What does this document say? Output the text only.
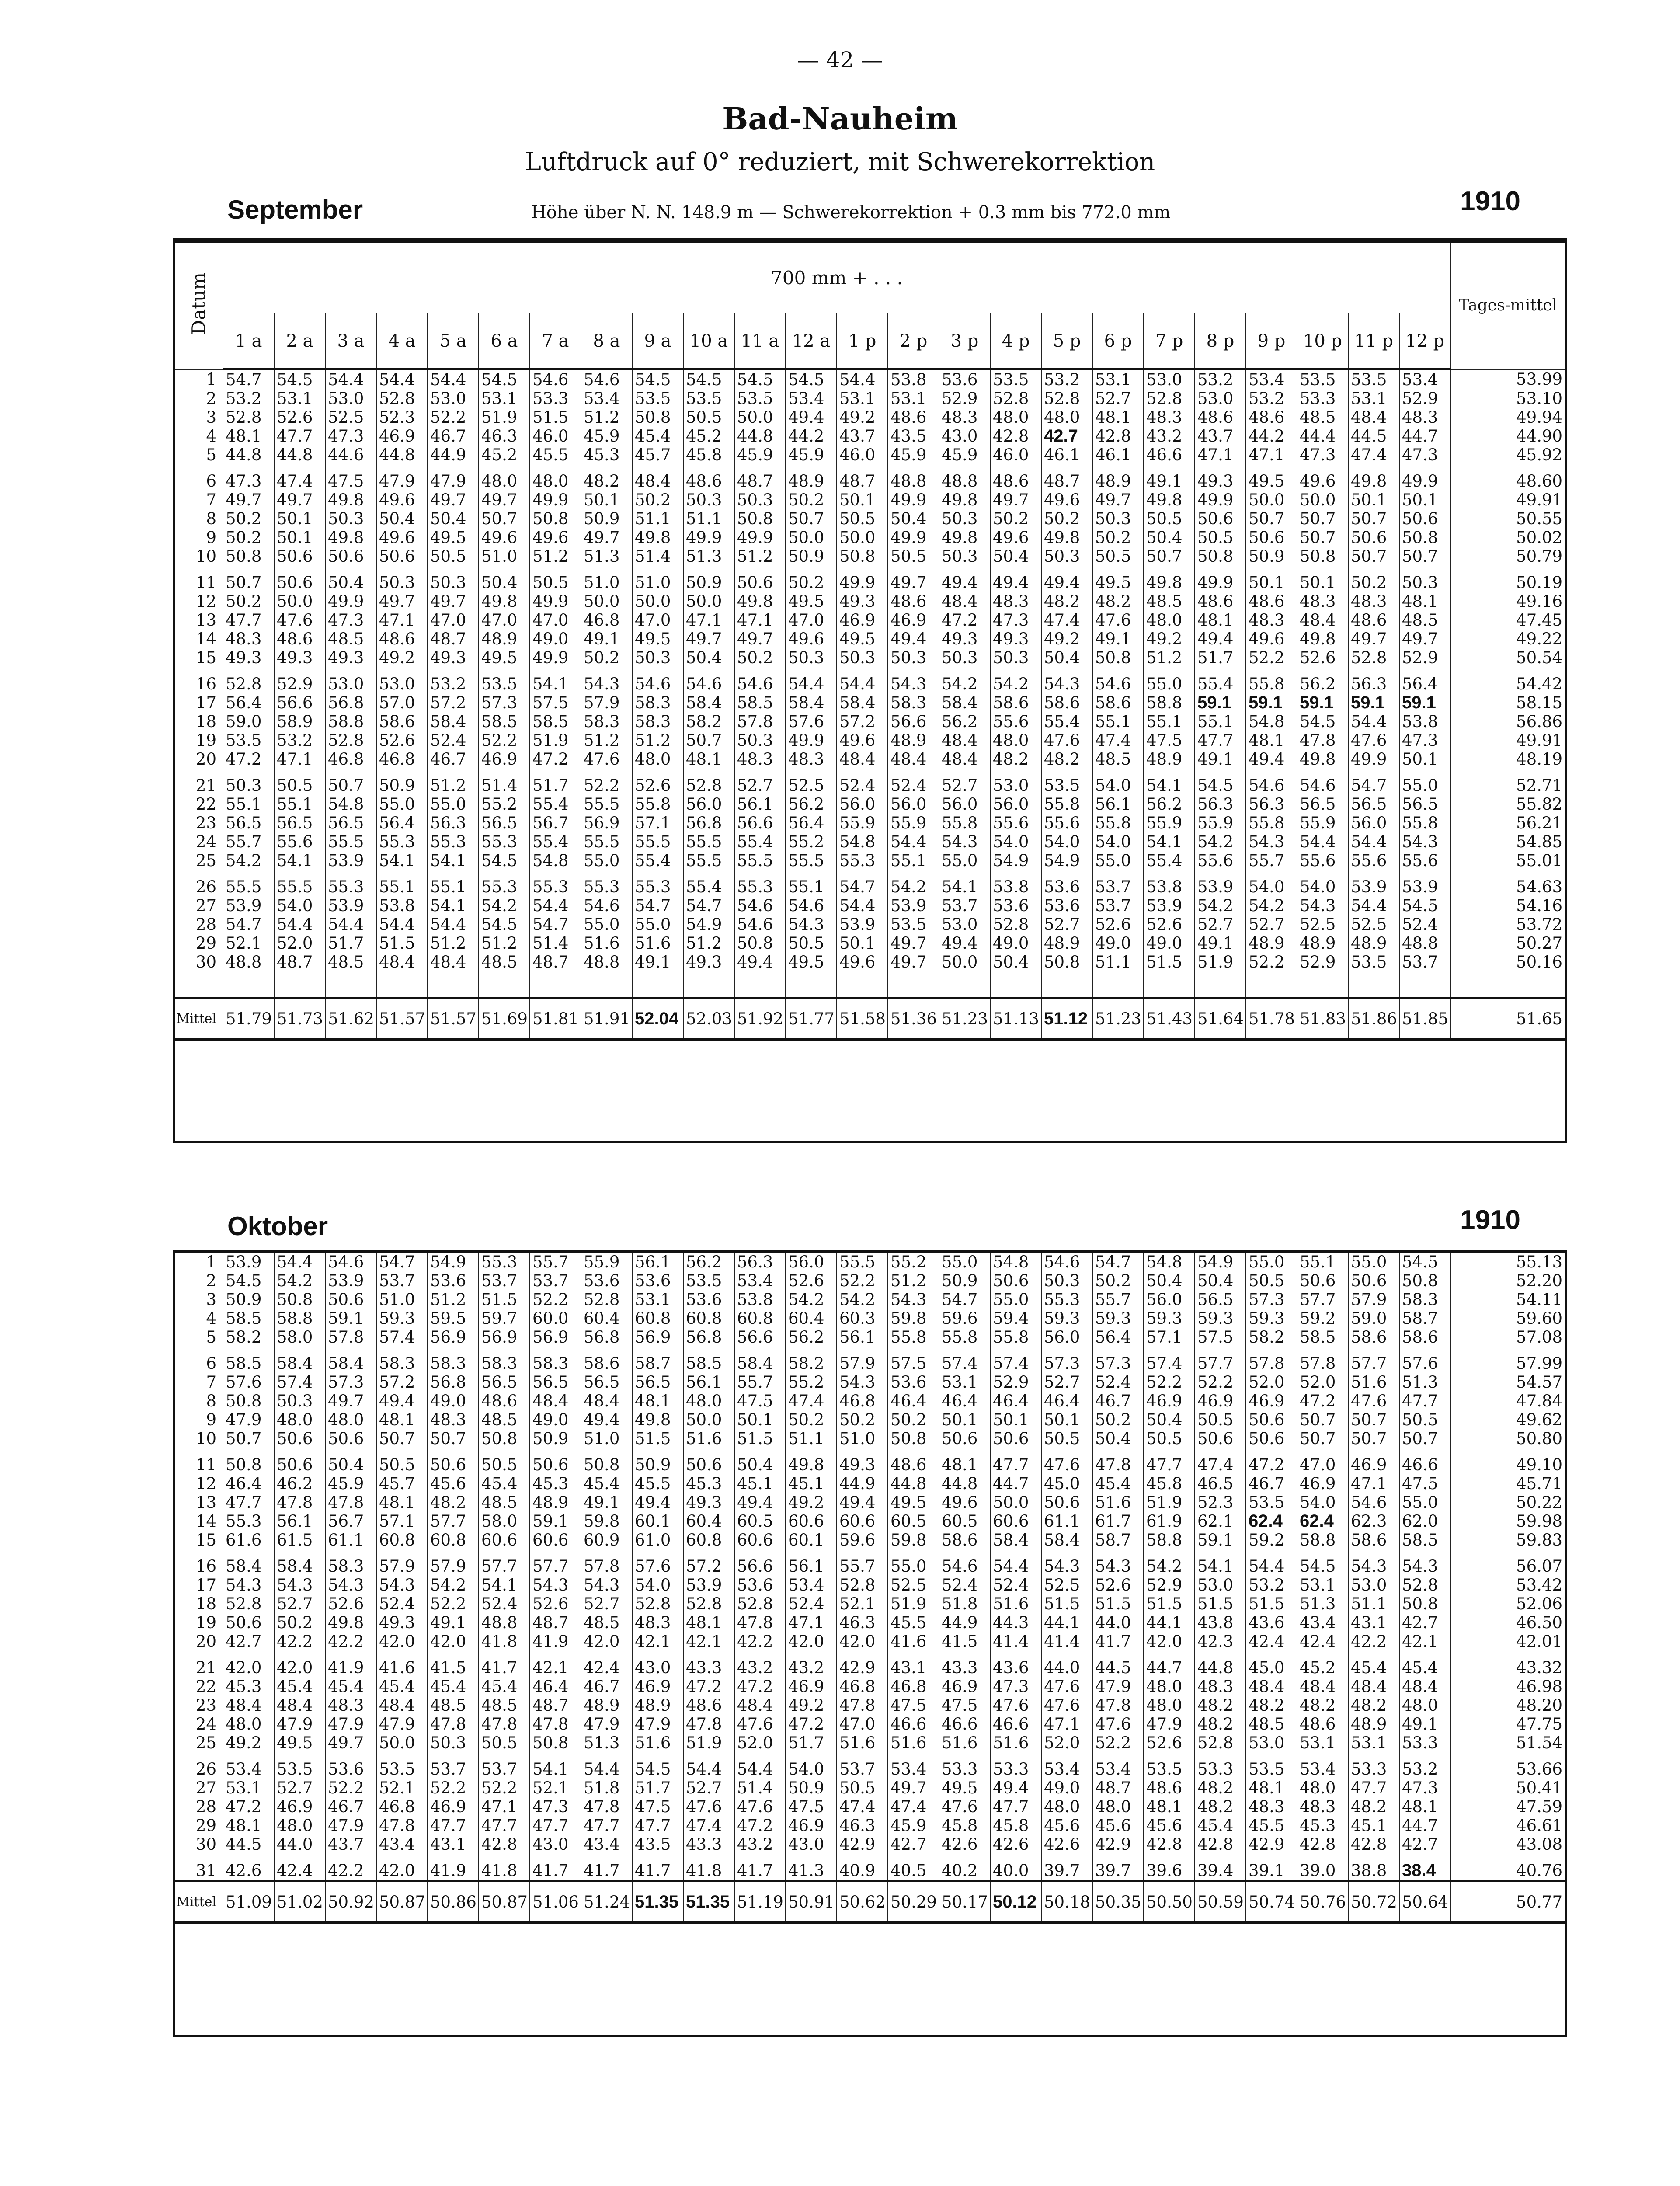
— 42 —
Bad-Nauheim
Luftdruck auf 0° reduziert, mit Schwerekorrektion
September	Höhe über N. N. 148.9 m — Schwerekorrektion + 0.3 mm bis 772.0 mm	1910
Datum	700 mm + . . .																								Tages-mittel
	1 a	2 a	3 a	4 a	5 a	6 a	7 a	8 a	9 a	10 a	11 a	12 a	1 p	2 p	3 p	4 p	5 p	6 p	7 p	8 p	9 p	10 p	11 p	12 p	
1	54.7	54.5	54.4	54.4	54.4	54.5	54.6	54.6	54.5	54.5	54.5	54.5	54.4	53.8	53.6	53.5	53.2	53.1	53.0	53.2	53.4	53.5	53.5	53.4	53.99
2	53.2	53.1	53.0	52.8	53.0	53.1	53.3	53.4	53.5	53.5	53.5	53.4	53.1	53.1	52.9	52.8	52.8	52.7	52.8	53.0	53.2	53.3	53.1	52.9	53.10
3	52.8	52.6	52.5	52.3	52.2	51.9	51.5	51.2	50.8	50.5	50.0	49.4	49.2	48.6	48.3	48.0	48.0	48.1	48.3	48.6	48.6	48.5	48.4	48.3	49.94
4	48.1	47.7	47.3	46.9	46.7	46.3	46.0	45.9	45.4	45.2	44.8	44.2	43.7	43.5	43.0	42.8	42.7	42.8	43.2	43.7	44.2	44.4	44.5	44.7	44.90
5	44.8	44.8	44.6	44.8	44.9	45.2	45.5	45.3	45.7	45.8	45.9	45.9	46.0	45.9	45.9	46.0	46.1	46.1	46.6	47.1	47.1	47.3	47.4	47.3	45.92
6	47.3	47.4	47.5	47.9	47.9	48.0	48.0	48.2	48.4	48.6	48.7	48.9	48.7	48.8	48.8	48.6	48.7	48.9	49.1	49.3	49.5	49.6	49.8	49.9	48.60
7	49.7	49.7	49.8	49.6	49.7	49.7	49.9	50.1	50.2	50.3	50.3	50.2	50.1	49.9	49.8	49.7	49.6	49.7	49.8	49.9	50.0	50.0	50.1	50.1	49.91
8	50.2	50.1	50.3	50.4	50.4	50.7	50.8	50.9	51.1	51.1	50.8	50.7	50.5	50.4	50.3	50.2	50.2	50.3	50.5	50.6	50.7	50.7	50.7	50.6	50.55
9	50.2	50.1	49.8	49.6	49.5	49.6	49.6	49.7	49.8	49.9	49.9	50.0	50.0	49.9	49.8	49.6	49.8	50.2	50.4	50.5	50.6	50.7	50.6	50.8	50.02
10	50.8	50.6	50.6	50.6	50.5	51.0	51.2	51.3	51.4	51.3	51.2	50.9	50.8	50.5	50.3	50.4	50.3	50.5	50.7	50.8	50.9	50.8	50.7	50.7	50.79
11	50.7	50.6	50.4	50.3	50.3	50.4	50.5	51.0	51.0	50.9	50.6	50.2	49.9	49.7	49.4	49.4	49.4	49.5	49.8	49.9	50.1	50.1	50.2	50.3	50.19
12	50.2	50.0	49.9	49.7	49.7	49.8	49.9	50.0	50.0	50.0	49.8	49.5	49.3	48.6	48.4	48.3	48.2	48.2	48.5	48.6	48.6	48.3	48.3	48.1	49.16
13	47.7	47.6	47.3	47.1	47.0	47.0	47.0	46.8	47.0	47.1	47.1	47.0	46.9	46.9	47.2	47.3	47.4	47.6	48.0	48.1	48.3	48.4	48.6	48.5	47.45
14	48.3	48.6	48.5	48.6	48.7	48.9	49.0	49.1	49.5	49.7	49.7	49.6	49.5	49.4	49.3	49.3	49.2	49.1	49.2	49.4	49.6	49.8	49.7	49.7	49.22
15	49.3	49.3	49.3	49.2	49.3	49.5	49.9	50.2	50.3	50.4	50.2	50.3	50.3	50.3	50.3	50.3	50.4	50.8	51.2	51.7	52.2	52.6	52.8	52.9	50.54
16	52.8	52.9	53.0	53.0	53.2	53.5	54.1	54.3	54.6	54.6	54.6	54.4	54.4	54.3	54.2	54.2	54.3	54.6	55.0	55.4	55.8	56.2	56.3	56.4	54.42
17	56.4	56.6	56.8	57.0	57.2	57.3	57.5	57.9	58.3	58.4	58.5	58.4	58.4	58.3	58.4	58.6	58.6	58.6	58.8	59.1	59.1	59.1	59.1	59.1	58.15
18	59.0	58.9	58.8	58.6	58.4	58.5	58.5	58.3	58.3	58.2	57.8	57.6	57.2	56.6	56.2	55.6	55.4	55.1	55.1	55.1	54.8	54.5	54.4	53.8	56.86
19	53.5	53.2	52.8	52.6	52.4	52.2	51.9	51.2	51.2	50.7	50.3	49.9	49.6	48.9	48.4	48.0	47.6	47.4	47.5	47.7	48.1	47.8	47.6	47.3	49.91
20	47.2	47.1	46.8	46.8	46.7	46.9	47.2	47.6	48.0	48.1	48.3	48.3	48.4	48.4	48.4	48.2	48.2	48.5	48.9	49.1	49.4	49.8	49.9	50.1	48.19
21	50.3	50.5	50.7	50.9	51.2	51.4	51.7	52.2	52.6	52.8	52.7	52.5	52.4	52.4	52.7	53.0	53.5	54.0	54.1	54.5	54.6	54.6	54.7	55.0	52.71
22	55.1	55.1	54.8	55.0	55.0	55.2	55.4	55.5	55.8	56.0	56.1	56.2	56.0	56.0	56.0	56.0	55.8	56.1	56.2	56.3	56.3	56.5	56.5	56.5	55.82
23	56.5	56.5	56.5	56.4	56.3	56.5	56.7	56.9	57.1	56.8	56.6	56.4	55.9	55.9	55.8	55.6	55.6	55.8	55.9	55.9	55.8	55.9	56.0	55.8	56.21
24	55.7	55.6	55.5	55.3	55.3	55.3	55.4	55.5	55.5	55.5	55.4	55.2	54.8	54.4	54.3	54.0	54.0	54.0	54.1	54.2	54.3	54.4	54.4	54.3	54.85
25	54.2	54.1	53.9	54.1	54.1	54.5	54.8	55.0	55.4	55.5	55.5	55.5	55.3	55.1	55.0	54.9	54.9	55.0	55.4	55.6	55.7	55.6	55.6	55.6	55.01
26	55.5	55.5	55.3	55.1	55.1	55.3	55.3	55.3	55.3	55.4	55.3	55.1	54.7	54.2	54.1	53.8	53.6	53.7	53.8	53.9	54.0	54.0	53.9	53.9	54.63
27	53.9	54.0	53.9	53.8	54.1	54.2	54.4	54.6	54.7	54.7	54.6	54.6	54.4	53.9	53.7	53.6	53.6	53.7	53.9	54.2	54.2	54.3	54.4	54.5	54.16
28	54.7	54.4	54.4	54.4	54.4	54.5	54.7	55.0	55.0	54.9	54.6	54.3	53.9	53.5	53.0	52.8	52.7	52.6	52.6	52.7	52.7	52.5	52.5	52.4	53.72
29	52.1	52.0	51.7	51.5	51.2	51.2	51.4	51.6	51.6	51.2	50.8	50.5	50.1	49.7	49.4	49.0	48.9	49.0	49.0	49.1	48.9	48.9	48.9	48.8	50.27
30	48.8	48.7	48.5	48.4	48.4	48.5	48.7	48.8	49.1	49.3	49.4	49.5	49.6	49.7	50.0	50.4	50.8	51.1	51.5	51.9	52.2	52.9	53.5	53.7	50.16

Mittel	51.79	51.73	51.62	51.57	51.57	51.69	51.81	51.91	52.04	52.03	51.92	51.77	51.58	51.36	51.23	51.13	51.12	51.23	51.43	51.64	51.78	51.83	51.86	51.85	51.65
Oktober	1910
1	53.9	54.4	54.6	54.7	54.9	55.3	55.7	55.9	56.1	56.2	56.3	56.0	55.5	55.2	55.0	54.8	54.6	54.7	54.8	54.9	55.0	55.1	55.0	54.5	55.13
2	54.5	54.2	53.9	53.7	53.6	53.7	53.7	53.6	53.6	53.5	53.4	52.6	52.2	51.2	50.9	50.6	50.3	50.2	50.4	50.4	50.5	50.6	50.6	50.8	52.20
3	50.9	50.8	50.6	51.0	51.2	51.5	52.2	52.8	53.1	53.6	53.8	54.2	54.2	54.3	54.7	55.0	55.3	55.7	56.0	56.5	57.3	57.7	57.9	58.3	54.11
4	58.5	58.8	59.1	59.3	59.5	59.7	60.0	60.4	60.8	60.8	60.8	60.4	60.3	59.8	59.6	59.4	59.3	59.3	59.3	59.3	59.3	59.2	59.0	58.7	59.60
5	58.2	58.0	57.8	57.4	56.9	56.9	56.9	56.8	56.9	56.8	56.6	56.2	56.1	55.8	55.8	55.8	56.0	56.4	57.1	57.5	58.2	58.5	58.6	58.6	57.08
6	58.5	58.4	58.4	58.3	58.3	58.3	58.3	58.6	58.7	58.5	58.4	58.2	57.9	57.5	57.4	57.4	57.3	57.3	57.4	57.7	57.8	57.8	57.7	57.6	57.99
7	57.6	57.4	57.3	57.2	56.8	56.5	56.5	56.5	56.5	56.1	55.7	55.2	54.3	53.6	53.1	52.9	52.7	52.4	52.2	52.2	52.0	52.0	51.6	51.3	54.57
8	50.8	50.3	49.7	49.4	49.0	48.6	48.4	48.4	48.1	48.0	47.5	47.4	46.8	46.4	46.4	46.4	46.4	46.7	46.9	46.9	46.9	47.2	47.6	47.7	47.84
9	47.9	48.0	48.0	48.1	48.3	48.5	49.0	49.4	49.8	50.0	50.1	50.2	50.2	50.2	50.1	50.1	50.1	50.2	50.4	50.5	50.6	50.7	50.7	50.5	49.62
10	50.7	50.6	50.6	50.7	50.7	50.8	50.9	51.0	51.5	51.6	51.5	51.1	51.0	50.8	50.6	50.6	50.5	50.4	50.5	50.6	50.6	50.7	50.7	50.7	50.80
11	50.8	50.6	50.4	50.5	50.6	50.5	50.6	50.8	50.9	50.6	50.4	49.8	49.3	48.6	48.1	47.7	47.6	47.8	47.7	47.4	47.2	47.0	46.9	46.6	49.10
12	46.4	46.2	45.9	45.7	45.6	45.4	45.3	45.4	45.5	45.3	45.1	45.1	44.9	44.8	44.8	44.7	45.0	45.4	45.8	46.5	46.7	46.9	47.1	47.5	45.71
13	47.7	47.8	47.8	48.1	48.2	48.5	48.9	49.1	49.4	49.3	49.4	49.2	49.4	49.5	49.6	50.0	50.6	51.6	51.9	52.3	53.5	54.0	54.6	55.0	50.22
14	55.3	56.1	56.7	57.1	57.7	58.0	59.1	59.8	60.1	60.4	60.5	60.6	60.6	60.5	60.5	60.6	61.1	61.7	61.9	62.1	62.4	62.4	62.3	62.0	59.98
15	61.6	61.5	61.1	60.8	60.8	60.6	60.6	60.9	61.0	60.8	60.6	60.1	59.6	59.8	58.6	58.4	58.4	58.7	58.8	59.1	59.2	58.8	58.6	58.5	59.83
16	58.4	58.4	58.3	57.9	57.9	57.7	57.7	57.8	57.6	57.2	56.6	56.1	55.7	55.0	54.6	54.4	54.3	54.3	54.2	54.1	54.4	54.5	54.3	54.3	56.07
17	54.3	54.3	54.3	54.3	54.2	54.1	54.3	54.3	54.0	53.9	53.6	53.4	52.8	52.5	52.4	52.4	52.5	52.6	52.9	53.0	53.2	53.1	53.0	52.8	53.42
18	52.8	52.7	52.6	52.4	52.2	52.4	52.6	52.7	52.8	52.8	52.8	52.4	52.1	51.9	51.8	51.6	51.5	51.5	51.5	51.5	51.5	51.3	51.1	50.8	52.06
19	50.6	50.2	49.8	49.3	49.1	48.8	48.7	48.5	48.3	48.1	47.8	47.1	46.3	45.5	44.9	44.3	44.1	44.0	44.1	43.8	43.6	43.4	43.1	42.7	46.50
20	42.7	42.2	42.2	42.0	42.0	41.8	41.9	42.0	42.1	42.1	42.2	42.0	42.0	41.6	41.5	41.4	41.4	41.7	42.0	42.3	42.4	42.4	42.2	42.1	42.01
21	42.0	42.0	41.9	41.6	41.5	41.7	42.1	42.4	43.0	43.3	43.2	43.2	42.9	43.1	43.3	43.6	44.0	44.5	44.7	44.8	45.0	45.2	45.4	45.4	43.32
22	45.3	45.4	45.4	45.4	45.4	45.4	46.4	46.7	46.9	47.2	47.2	46.9	46.8	46.8	46.9	47.3	47.6	47.9	48.0	48.3	48.4	48.4	48.4	48.4	46.98
23	48.4	48.4	48.3	48.4	48.5	48.5	48.7	48.9	48.9	48.6	48.4	49.2	47.8	47.5	47.5	47.6	47.6	47.8	48.0	48.2	48.2	48.2	48.2	48.0	48.20
24	48.0	47.9	47.9	47.9	47.8	47.8	47.8	47.9	47.9	47.8	47.6	47.2	47.0	46.6	46.6	46.6	47.1	47.6	47.9	48.2	48.5	48.6	48.9	49.1	47.75
25	49.2	49.5	49.7	50.0	50.3	50.5	50.8	51.3	51.6	51.9	52.0	51.7	51.6	51.6	51.6	51.6	52.0	52.2	52.6	52.8	53.0	53.1	53.1	53.3	51.54
26	53.4	53.5	53.6	53.5	53.7	53.7	54.1	54.4	54.5	54.4	54.4	54.0	53.7	53.4	53.3	53.3	53.4	53.4	53.5	53.3	53.5	53.4	53.3	53.2	53.66
27	53.1	52.7	52.2	52.1	52.2	52.2	52.1	51.8	51.7	52.7	51.4	50.9	50.5	49.7	49.5	49.4	49.0	48.7	48.6	48.2	48.1	48.0	47.7	47.3	50.41
28	47.2	46.9	46.7	46.8	46.9	47.1	47.3	47.8	47.5	47.6	47.6	47.5	47.4	47.4	47.6	47.7	48.0	48.0	48.1	48.2	48.3	48.3	48.2	48.1	47.59
29	48.1	48.0	47.9	47.8	47.7	47.7	47.7	47.7	47.7	47.4	47.2	46.9	46.3	45.9	45.8	45.8	45.6	45.6	45.6	45.4	45.5	45.3	45.1	44.7	46.61
30	44.5	44.0	43.7	43.4	43.1	42.8	43.0	43.4	43.5	43.3	43.2	43.0	42.9	42.7	42.6	42.6	42.6	42.9	42.8	42.8	42.9	42.8	42.8	42.7	43.08
31	42.6	42.4	42.2	42.0	41.9	41.8	41.7	41.7	41.7	41.8	41.7	41.3	40.9	40.5	40.2	40.0	39.7	39.7	39.6	39.4	39.1	39.0	38.8	38.4	40.76
Mittel	51.09	51.02	50.92	50.87	50.86	50.87	51.06	51.24	51.35	51.35	51.19	50.91	50.62	50.29	50.17	50.12	50.18	50.35	50.50	50.59	50.74	50.76	50.72	50.64	50.77
